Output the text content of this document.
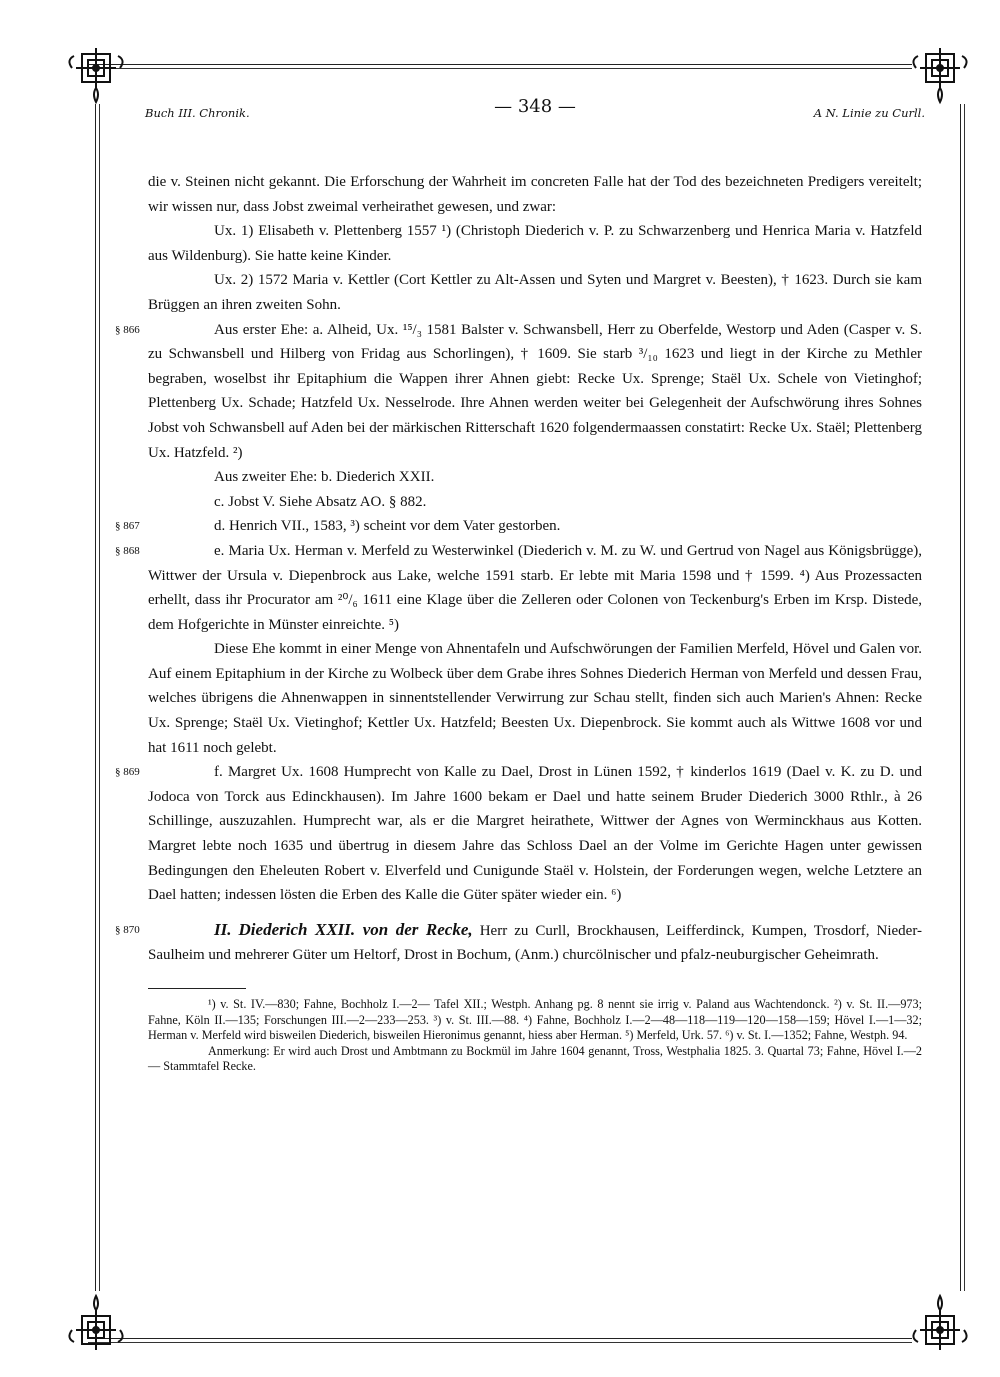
Buch III. Chronik.	— 348 —	A N. Linie zu Curll.

die v. Steinen nicht gekannt. Die Erforschung der Wahrheit im concreten Falle hat der Tod des bezeichneten Predigers vereitelt; wir wissen nur, dass Jobst zweimal verheirathet gewesen, und zwar:

Ux. 1) Elisabeth v. Plettenberg 1557 ¹) (Christoph Diederich v. P. zu Schwarzenberg und Henrica Maria v. Hatzfeld aus Wildenburg). Sie hatte keine Kinder.

Ux. 2) 1572 Maria v. Kettler (Cort Kettler zu Alt-Assen und Syten und Margret v. Beesten), † 1623. Durch sie kam Brüggen an ihren zweiten Sohn.

§ 866	Aus erster Ehe: a. Alheid, Ux. ¹⁵/₃ 1581 Balster v. Schwansbell, Herr zu Oberfelde, Westorp und Aden (Casper v. S. zu Schwansbell und Hilberg von Fridag aus Schorlingen), † 1609. Sie starb ³/₁₀ 1623 und liegt in der Kirche zu Methler begraben, woselbst ihr Epitaphium die Wappen ihrer Ahnen giebt: Recke Ux. Sprenge; Staël Ux. Schele von Vietinghof; Plettenberg Ux. Schade; Hatzfeld Ux. Nesselrode. Ihre Ahnen werden weiter bei Gelegenheit der Aufschwörung ihres Sohnes Jobst voh Schwansbell auf Aden bei der märkischen Ritterschaft 1620 folgendermaassen constatirt: Recke Ux. Staël; Plettenberg Ux. Hatzfeld. ²)

Aus zweiter Ehe: b. Diederich XXII.

c. Jobst V. Siehe Absatz AO. § 882.

§ 867	d. Henrich VII., 1583, ³) scheint vor dem Vater gestorben.

§ 868	e. Maria Ux. Herman v. Merfeld zu Westerwinkel (Diederich v. M. zu W. und Gertrud von Nagel aus Königsbrügge), Wittwer der Ursula v. Diepenbrock aus Lake, welche 1591 starb. Er lebte mit Maria 1598 und † 1599. ⁴) Aus Prozessacten erhellt, dass ihr Procurator am ²⁰/₆ 1611 eine Klage über die Zelleren oder Colonen von Teckenburg's Erben im Krsp. Distede, dem Hofgerichte in Münster einreichte. ⁵)

Diese Ehe kommt in einer Menge von Ahnentafeln und Aufschwörungen der Familien Merfeld, Hövel und Galen vor. Auf einem Epitaphium in der Kirche zu Wolbeck über dem Grabe ihres Sohnes Diederich Herman von Merfeld und dessen Frau, welches übrigens die Ahnenwappen in sinnentstellender Verwirrung zur Schau stellt, finden sich auch Marien's Ahnen: Recke Ux. Sprenge; Staël Ux. Vietinghof; Kettler Ux. Hatzfeld; Beesten Ux. Diepenbrock. Sie kommt auch als Wittwe 1608 vor und hat 1611 noch gelebt.

§ 869	f. Margret Ux. 1608 Humprecht von Kalle zu Dael, Drost in Lünen 1592, † kinderlos 1619 (Dael v. K. zu D. und Jodoca von Torck aus Edinckhausen). Im Jahre 1600 bekam er Dael und hatte seinem Bruder Diederich 3000 Rthlr., à 26 Schillinge, auszuzahlen. Humprecht war, als er die Margret heirathete, Wittwer der Agnes von Werminckhaus aus Kotten. Margret lebte noch 1635 und übertrug in diesem Jahre das Schloss Dael an der Volme im Gerichte Hagen unter gewissen Bedingungen den Eheleuten Robert v. Elverfeld und Cunigunde Staël v. Holstein, der Forderungen wegen, welche Letztere an Dael hatten; indessen lösten die Erben des Kalle die Güter später wieder ein. ⁶)

§ 870	II. Diederich XXII. von der Recke, Herr zu Curll, Brockhausen, Leifferdinck, Kumpen, Trosdorf, Nieder-Saulheim und mehrerer Güter um Heltorf, Drost in Bochum, (Anm.) churcölnischer und pfalz-neuburgischer Geheimrath.

¹) v. St. IV.—830; Fahne, Bochholz I.—2— Tafel XII.; Westph. Anhang pg. 8 nennt sie irrig v. Paland aus Wachtendonck. ²) v. St. II.—973; Fahne, Köln II.—135; Forschungen III.—2—233—253. ³) v. St. III.—88. ⁴) Fahne, Bochholz I.—2—48—118—119—120—158—159; Hövel I.—1—32; Herman v. Merfeld wird bisweilen Diederich, bisweilen Hieronimus genannt, hiess aber Herman. ⁵) Merfeld, Urk. 57. ⁶) v. St. I.—1352; Fahne, Westph. 94.

Anmerkung: Er wird auch Drost und Ambtmann zu Bockmül im Jahre 1604 genannt, Tross, Westphalia 1825. 3. Quartal 73; Fahne, Hövel I.—2— Stammtafel Recke.
